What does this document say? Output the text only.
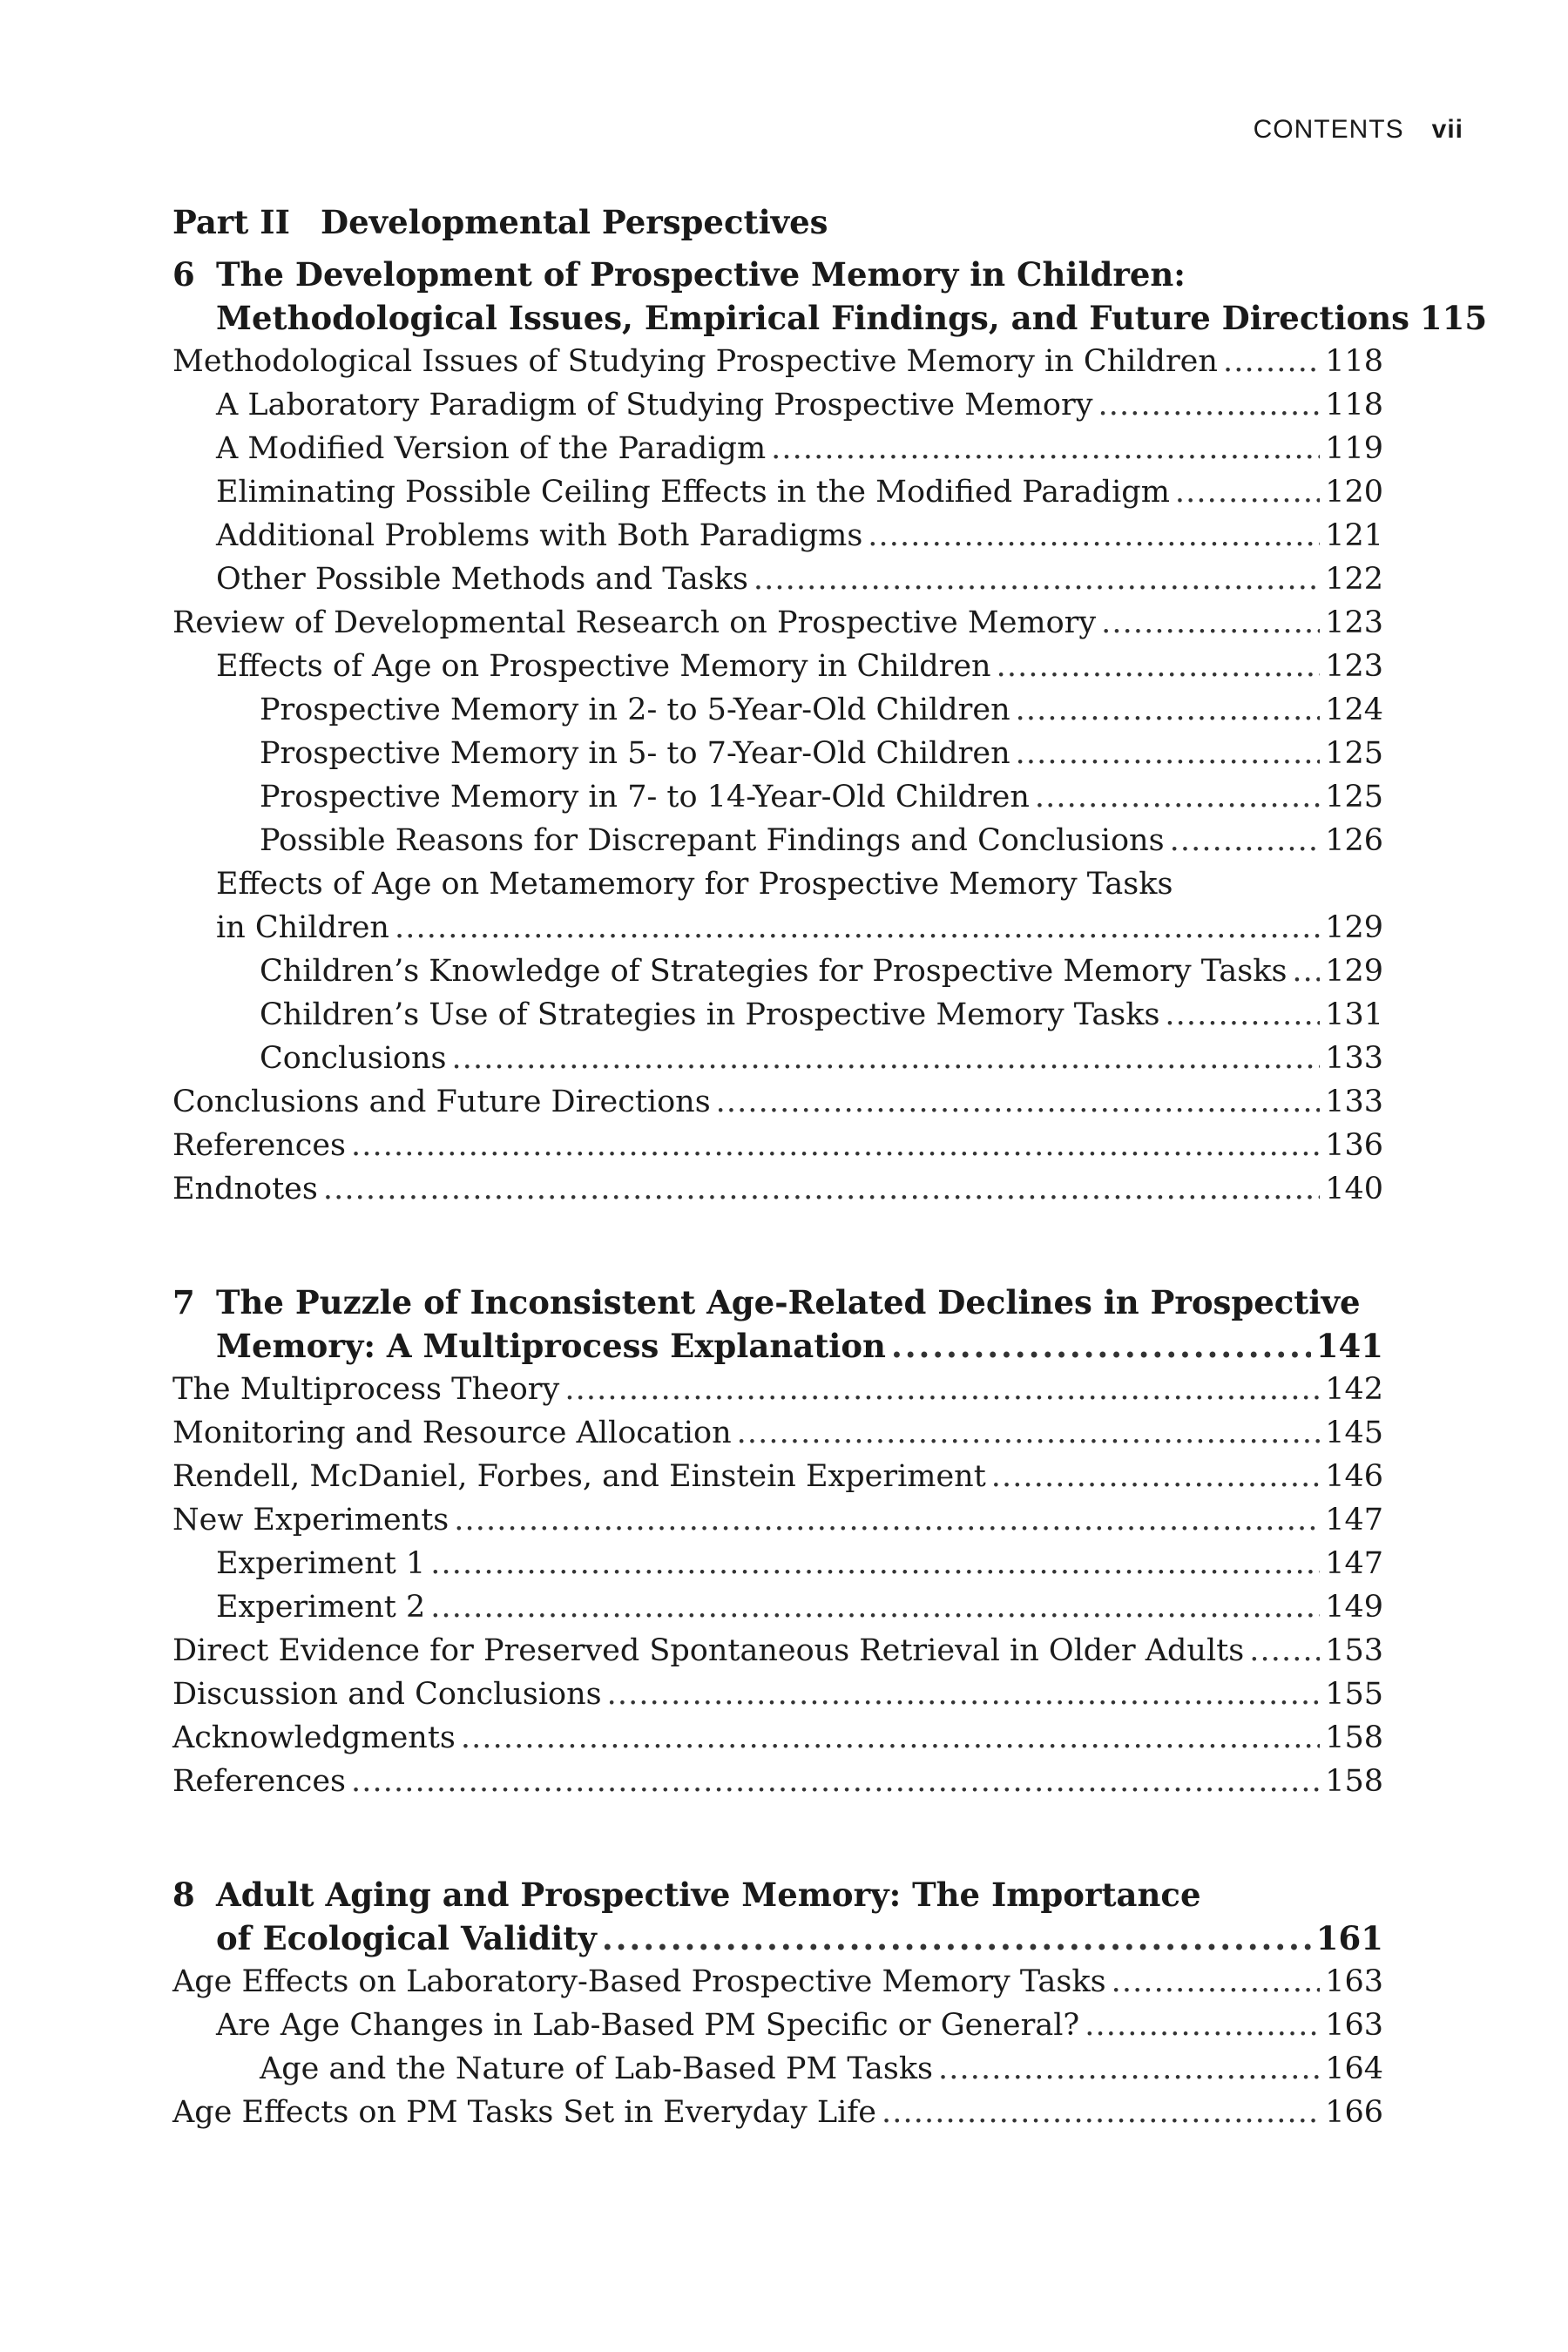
CONTENTS vii
Part II Developmental Perspectives
6 The Development of Prospective Memory in Children:
Methodological Issues, Empirical Findings, and Future Directions 115
Methodological Issues of Studying Prospective Memory in Children . . .	118
A Laboratory Paradigm of Studying Prospective Memory . . .	118
A Modified Version of the Paradigm . . .	119
Eliminating Possible Ceiling Effects in the Modified Paradigm . . .	120
Additional Problems with Both Paradigms . . .	121
Other Possible Methods and Tasks . . .	122
Review of Developmental Research on Prospective Memory . . .	123
Effects of Age on Prospective Memory in Children . . .	123
Prospective Memory in 2- to 5-Year-Old Children . . .	124
Prospective Memory in 5- to 7-Year-Old Children . . .	125
Prospective Memory in 7- to 14-Year-Old Children . . .	125
Possible Reasons for Discrepant Findings and Conclusions . . .	126
Effects of Age on Metamemory for Prospective Memory Tasks
in Children . . .	129
Children’s Knowledge of Strategies for Prospective Memory Tasks . . . 129
Children’s Use of Strategies in Prospective Memory Tasks . . .	131
Conclusions . . .	133
Conclusions and Future Directions . . .	133
References . . .	136
Endnotes . . .	140
7 The Puzzle of Inconsistent Age-Related Declines in Prospective
Memory: A Multiprocess Explanation . . .	141
The Multiprocess Theory . . .	142
Monitoring and Resource Allocation . . .	145
Rendell, McDaniel, Forbes, and Einstein Experiment . . .	146
New Experiments . . .	147
Experiment 1 . . .	147
Experiment 2 . . .	149
Direct Evidence for Preserved Spontaneous Retrieval in Older Adults . . .	153
Discussion and Conclusions . . .	155
Acknowledgments . . .	158
References . . .	158
8 Adult Aging and Prospective Memory: The Importance
of Ecological Validity . . .	161
Age Effects on Laboratory-Based Prospective Memory Tasks . . .	163
Are Age Changes in Lab-Based PM Specific or General? . . .	163
Age and the Nature of Lab-Based PM Tasks . . .	164
Age Effects on PM Tasks Set in Everyday Life . . .	166
